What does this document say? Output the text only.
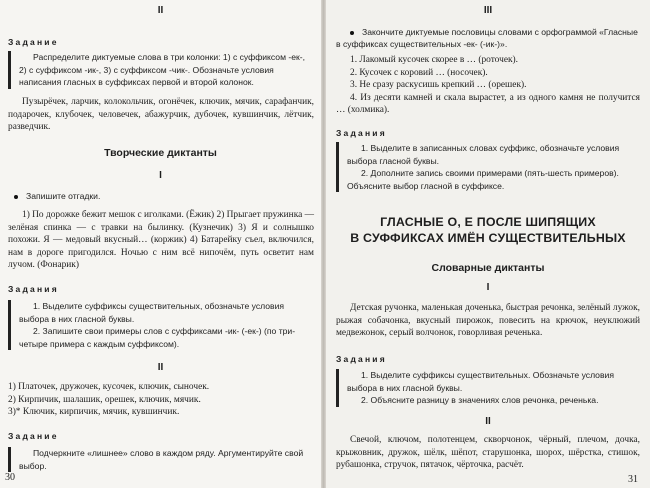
II
Задание

Распределите диктуемые слова в три колонки: 1) с суффиксом -ек-, 2) с суффиксом -ик-, 3) с суффиксом -чик-. Обозначьте условия написания гласных в суффиксах первой и второй колонок.

Пузырёчек, ларчик, колокольчик, огонёчек, ключик, мячик, сарафанчик, подарочек, клубочек, человечек, абажурчик, дубочек, кувшинчик, лётчик, разведчик.

Творческие диктанты
I
Запишите отгадки.

1) По дорожке бежит мешок с иголками. (Ёжик) 2) Прыгает пружинка — зелёная спинка — с травки на былинку. (Кузнечик) 3) Я и солнышко похожи. Я — медовый вкусный… (коржик) 4) Батарейку съел, включился, нам в дороге пригодился. Ночью с ним всё нипочём, путь осветит нам лучом. (Фонарик)

Задания

1. Выделите суффиксы существительных, обозначьте условия выбора в них гласной буквы.

2. Запишите свои примеры слов с суффиксами -ик- (-ек-) (по три-четыре примера с каждым суффиксом).

II

1) Платочек, дружочек, кусочек, ключик, сыночек.

2) Кирпичик, шалашик, орешек, ключик, мячик.

3)* Ключик, кирпичик, мячик, кувшинчик.

Задание

Подчеркните «лишнее» слово в каждом ряду. Аргументируйте свой выбор.

30
III
Закончите диктуемые пословицы словами с орфограммой «Гласные в суффиксах существительных -ек- (-ик-)».

1. Лакомый кусочек скорее в … (роточек).

2. Кусочек с коровий … (носочек).

3. Не сразу раскусишь крепкий … (орешек).

4. Из десяти камней и скала вырастет, а из одного камня не получится … (холмика).

Задания

1. Выделите в записанных словах суффикс, обозначьте условия выбора гласной буквы.

2. Дополните запись своими примерами (пять-шесть примеров). Объясните выбор гласной в суффиксе.

ГЛАСНЫЕ О, Е ПОСЛЕ ШИПЯЩИХ
В СУФФИКСАХ ИМЁН СУЩЕСТВИТЕЛЬНЫХ
Словарные диктанты
I

Детская ручонка, маленькая доченька, быстрая речонка, зелёный лужок, рыжая собачонка, вкусный пирожок, повесить на крючок, неуклюжий медвежонок, серый волчонок, говорливая реченька.

Задания

1. Выделите суффиксы существительных. Обозначьте условия выбора в них гласной буквы.

2. Объясните разницу в значениях слов речонка, реченька.

II

Свечой, ключом, полотенцем, скворчонок, чёрный, плечом, дочка, крыжовник, дружок, шёлк, шёпот, старушонка, шорох, шёрстка, стишок, рубашонка, стручок, пятачок, чёрточка, расчёт.

31
